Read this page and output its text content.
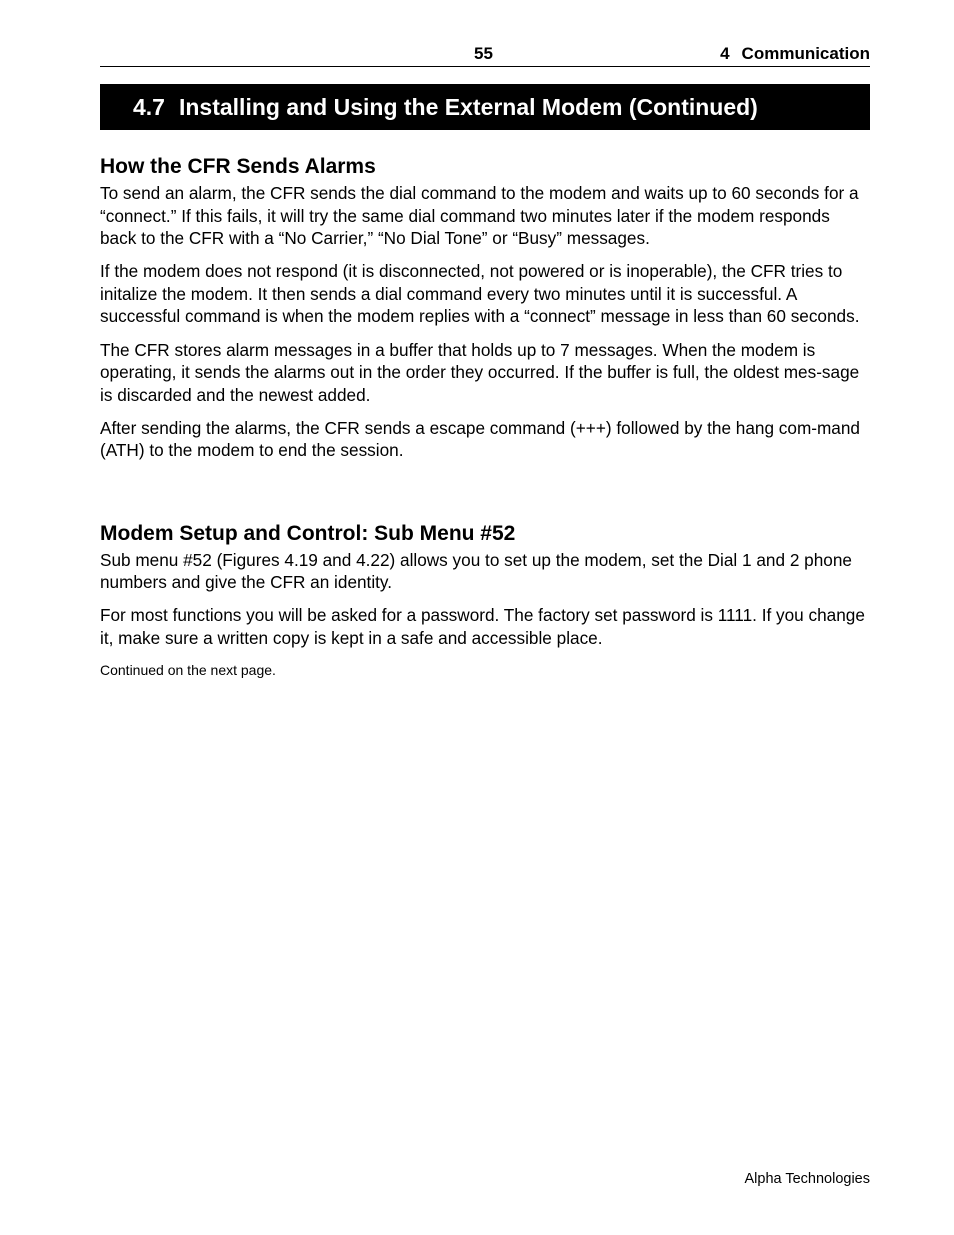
55	4 Communication
4.7 Installing and Using the External Modem (Continued)
How the CFR Sends Alarms

To send an alarm, the CFR sends the dial command to the modem and waits up to 60 seconds for a “connect.” If this fails, it will try the same dial command two minutes later if the modem responds back to the CFR with a “No Carrier,” “No Dial Tone” or “Busy” messages.

If the modem does not respond (it is disconnected, not powered or is inoperable), the CFR tries to initalize the modem. It then sends a dial command every two minutes until it is successful. A successful command is when the modem replies with a “connect” message in less than 60 seconds.

The CFR stores alarm messages in a buffer that holds up to 7 messages. When the modem is operating, it sends the alarms out in the order they occurred. If the buffer is full, the oldest mes-sage is discarded and the newest added.

After sending the alarms, the CFR sends a escape command (+++) followed by the hang com-mand (ATH) to the modem to end the session.

Modem Setup and Control: Sub Menu #52

Sub menu #52 (Figures 4.19 and 4.22) allows you to set up the modem, set the Dial 1 and 2 phone numbers and give the CFR an identity.

For most functions you will be asked for a password. The factory set password is 1111. If you change it, make sure a written copy is kept in a safe and accessible place.

Continued on the next page.
Alpha Technologies
